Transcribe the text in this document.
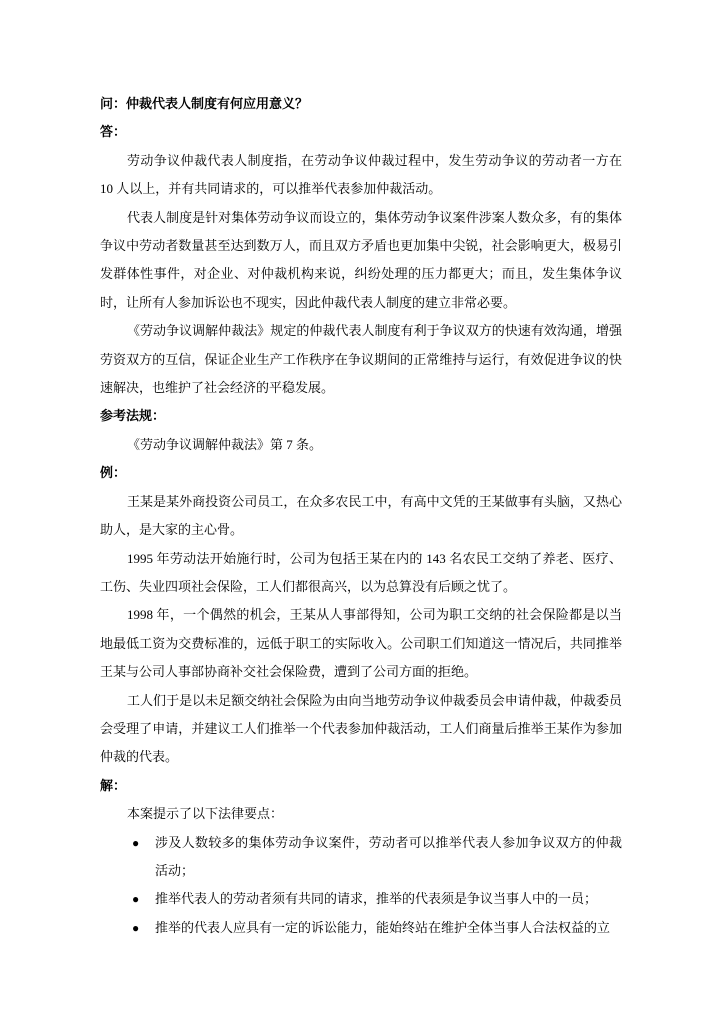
问：仲裁代表人制度有何应用意义？

答：

劳动争议仲裁代表人制度指，在劳动争议仲裁过程中，发生劳动争议的劳动者一方在 10 人以上，并有共同请求的，可以推举代表参加仲裁活动。

代表人制度是针对集体劳动争议而设立的，集体劳动争议案件涉案人数众多，有的集体争议中劳动者数量甚至达到数万人，而且双方矛盾也更加集中尖锐，社会影响更大，极易引发群体性事件，对企业、对仲裁机构来说，纠纷处理的压力都更大；而且，发生集体争议时，让所有人参加诉讼也不现实，因此仲裁代表人制度的建立非常必要。

《劳动争议调解仲裁法》规定的仲裁代表人制度有利于争议双方的快速有效沟通，增强劳资双方的互信，保证企业生产工作秩序在争议期间的正常维持与运行，有效促进争议的快速解决，也维护了社会经济的平稳发展。

参考法规：

《劳动争议调解仲裁法》第 7 条。

例：

王某是某外商投资公司员工，在众多农民工中，有高中文凭的王某做事有头脑，又热心助人，是大家的主心骨。

1995 年劳动法开始施行时，公司为包括王某在内的 143 名农民工交纳了养老、医疗、工伤、失业四项社会保险，工人们都很高兴，以为总算没有后顾之忧了。

1998 年，一个偶然的机会，王某从人事部得知，公司为职工交纳的社会保险都是以当地最低工资为交费标准的，远低于职工的实际收入。公司职工们知道这一情况后，共同推举王某与公司人事部协商补交社会保险费，遭到了公司方面的拒绝。

工人们于是以未足额交纳社会保险为由向当地劳动争议仲裁委员会申请仲裁，仲裁委员会受理了申请，并建议工人们推举一个代表参加仲裁活动，工人们商量后推举王某作为参加仲裁的代表。

解：

本案提示了以下法律要点：

●	涉及人数较多的集体劳动争议案件，劳动者可以推举代表人参加争议双方的仲裁活动；
●	推举代表人的劳动者须有共同的请求，推举的代表须是争议当事人中的一员；
●	推举的代表人应具有一定的诉讼能力，能始终站在维护全体当事人合法权益的立
